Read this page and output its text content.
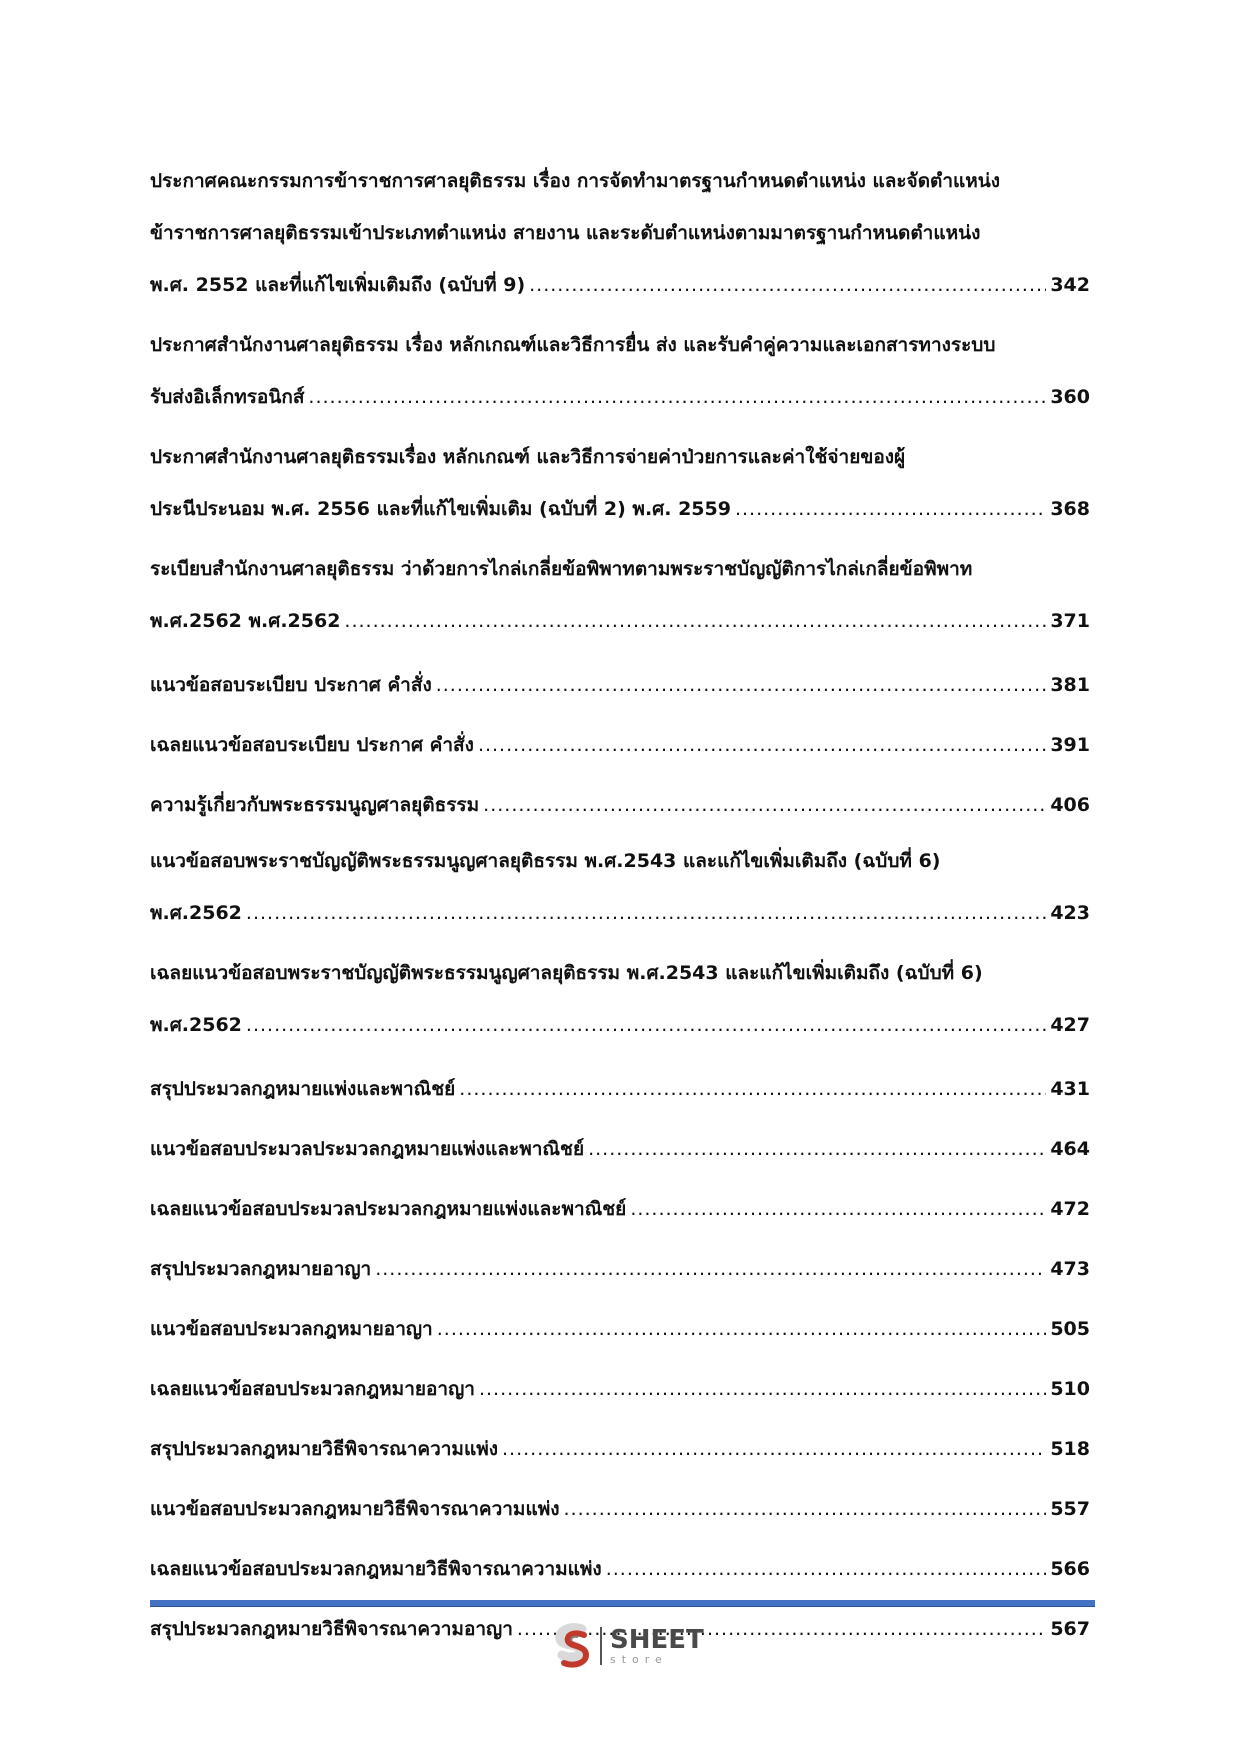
ประกาศคณะกรรมการข้าราชการศาลยุติธรรม เรื่อง การจัดทำมาตรฐานกำหนดตำแหน่ง และจัดตำแหน่ง
ข้าราชการศาลยุติธรรมเข้าประเภทตำแหน่ง สายงาน และระดับตำแหน่งตามมาตรฐานกำหนดตำแหน่ง
พ.ศ. 2552 และที่แก้ไขเพิ่มเติมถึง (ฉบับที่ 9) .....	342
ประกาศสำนักงานศาลยุติธรรม เรื่อง หลักเกณฑ์และวิธีการยื่น ส่ง และรับคำคู่ความและเอกสารทางระบบ
รับส่งอิเล็กทรอนิกส์ .....	360
ประกาศสำนักงานศาลยุติธรรมเรื่อง หลักเกณฑ์ และวิธีการจ่ายค่าป่วยการและค่าใช้จ่ายของผู้
ประนีประนอม พ.ศ. 2556 และที่แก้ไขเพิ่มเติม (ฉบับที่ 2) พ.ศ. 2559 .....	368
ระเบียบสำนักงานศาลยุติธรรม ว่าด้วยการไกล่เกลี่ยข้อพิพาทตามพระราชบัญญัติการไกล่เกลี่ยข้อพิพาท
พ.ศ.2562 พ.ศ.2562 .....	371
แนวข้อสอบระเบียบ ประกาศ คำสั่ง .....	381
เฉลยแนวข้อสอบระเบียบ ประกาศ คำสั่ง .....	391
ความรู้เกี่ยวกับพระธรรมนูญศาลยุติธรรม .....	406
แนวข้อสอบพระราชบัญญัติพระธรรมนูญศาลยุติธรรม พ.ศ.2543 และแก้ไขเพิ่มเติมถึง (ฉบับที่ 6)
พ.ศ.2562 .....	423
เฉลยแนวข้อสอบพระราชบัญญัติพระธรรมนูญศาลยุติธรรม พ.ศ.2543 และแก้ไขเพิ่มเติมถึง (ฉบับที่ 6)
พ.ศ.2562 .....	427
สรุปประมวลกฎหมายแพ่งและพาณิชย์ .....	431
แนวข้อสอบประมวลประมวลกฎหมายแพ่งและพาณิชย์ .....	464
เฉลยแนวข้อสอบประมวลประมวลกฎหมายแพ่งและพาณิชย์ .....	472
สรุปประมวลกฎหมายอาญา .....	473
แนวข้อสอบประมวลกฎหมายอาญา .....	505
เฉลยแนวข้อสอบประมวลกฎหมายอาญา .....	510
สรุปประมวลกฎหมายวิธีพิจารณาความแพ่ง .....	518
แนวข้อสอบประมวลกฎหมายวิธีพิจารณาความแพ่ง .....	557
เฉลยแนวข้อสอบประมวลกฎหมายวิธีพิจารณาความแพ่ง .....	566
สรุปประมวลกฎหมายวิธีพิจารณาความอาญา .....	567
SHEET
store
